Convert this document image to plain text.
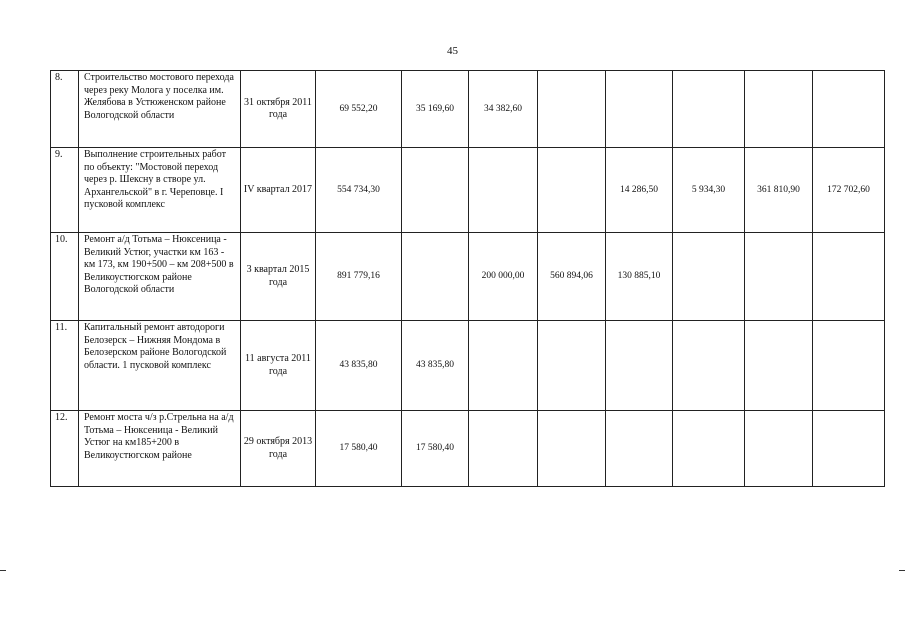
45
8.	Строительство мостового перехода через реку Молога у поселка им. Желябова в Устюженском районе Вологодской области	31 октября 2011 года	69 552,20	35 169,60	34 382,60					
9.	Выполнение строительных работ по объекту: "Мостовой переход через р. Шексну в створе ул. Архангельской" в г. Череповце. I пусковой комплекс	IV квартал 2017	554 734,30				14 286,50	5 934,30	361 810,90	172 702,60
10.	Ремонт а/д Тотьма – Нюксеница - Великий Устюг, участки км 163 - км 173, км 190+500 – км 208+500 в Великоустюгском районе Вологодской области	3 квартал 2015 года	891 779,16		200 000,00	560 894,06	130 885,10			
11.	Капитальный ремонт автодороги Белозерск – Нижняя Мондома в Белозерском районе Вологодской области. 1 пусковой комплекс	11 августа 2011 года	43 835,80	43 835,80						
12.	Ремонт моста ч/з р.Стрельна на а/д Тотьма – Нюксеница - Великий Устюг на км185+200 в Великоустюгском районе	29 октября 2013 года	17 580,40	17 580,40						
